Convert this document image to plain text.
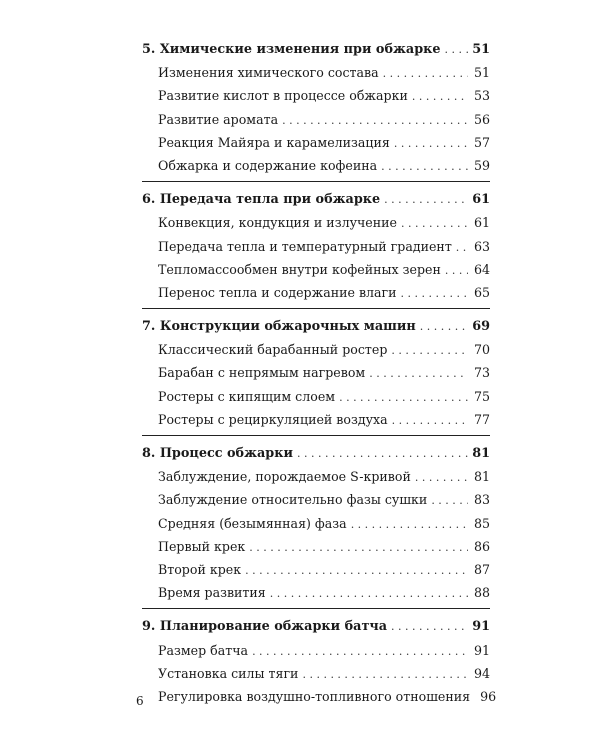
5. Химические изменения при обжарке . . . 51
Изменения химического состава . . .	51
Развитие кислот в процессе обжарки . . .	53
Развитие аромата . . .	56
Реакция Майяра и карамелизация . . .	57
Обжарка и содержание кофеина . . .	59
6. Передача тепла при обжарке . . .	61
Конвекция, кондукция и излучение . . .	61
Передача тепла и температурный градиент . . . 63
Тепломассообмен внутри кофейных зерен . . .	64
Перенос тепла и содержание влаги . . .	65
7. Конструкции обжарочных машин . . .	69
Классический барабанный ростер . . .	70
Барабан с непрямым нагревом . . .	73
Ростеры с кипящим слоем . . .	75
Ростеры с рециркуляцией воздуха . . .	77
8. Процесс обжарки . . .	81
Заблуждение, порождаемое S-кривой . . .	81
Заблуждение относительно фазы сушки . . .	83
Средняя (безымянная) фаза . . .	85
Первый крек . . .	86
Второй крек . . .	87
Время развития . . .	88
9. Планирование обжарки батча . . .	91
Размер батча . . .	91
Установка силы тяги . . .	94
Регулировка воздушно-топливного отношения 96
6
